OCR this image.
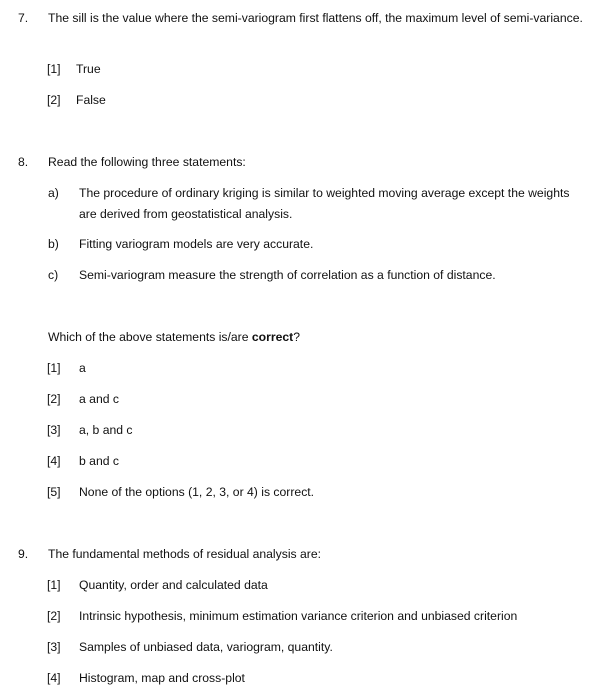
7. The sill is the value where the semi-variogram first flattens off, the maximum level of semi-variance.
[1] True
[2] False
8. Read the following three statements:
a) The procedure of ordinary kriging is similar to weighted moving average except the weights
are derived from geostatistical analysis.
b) Fitting variogram models are very accurate.
c) Semi-variogram measure the strength of correlation as a function of distance.
Which of the above statements is/are correct?
[1] a
[2] a and c
[3] a, b and c
[4] b and c
[5] None of the options (1, 2, 3, or 4) is correct.
9. The fundamental methods of residual analysis are:
[1] Quantity, order and calculated data
[2] Intrinsic hypothesis, minimum estimation variance criterion and unbiased criterion
[3] Samples of unbiased data, variogram, quantity.
[4] Histogram, map and cross-plot
